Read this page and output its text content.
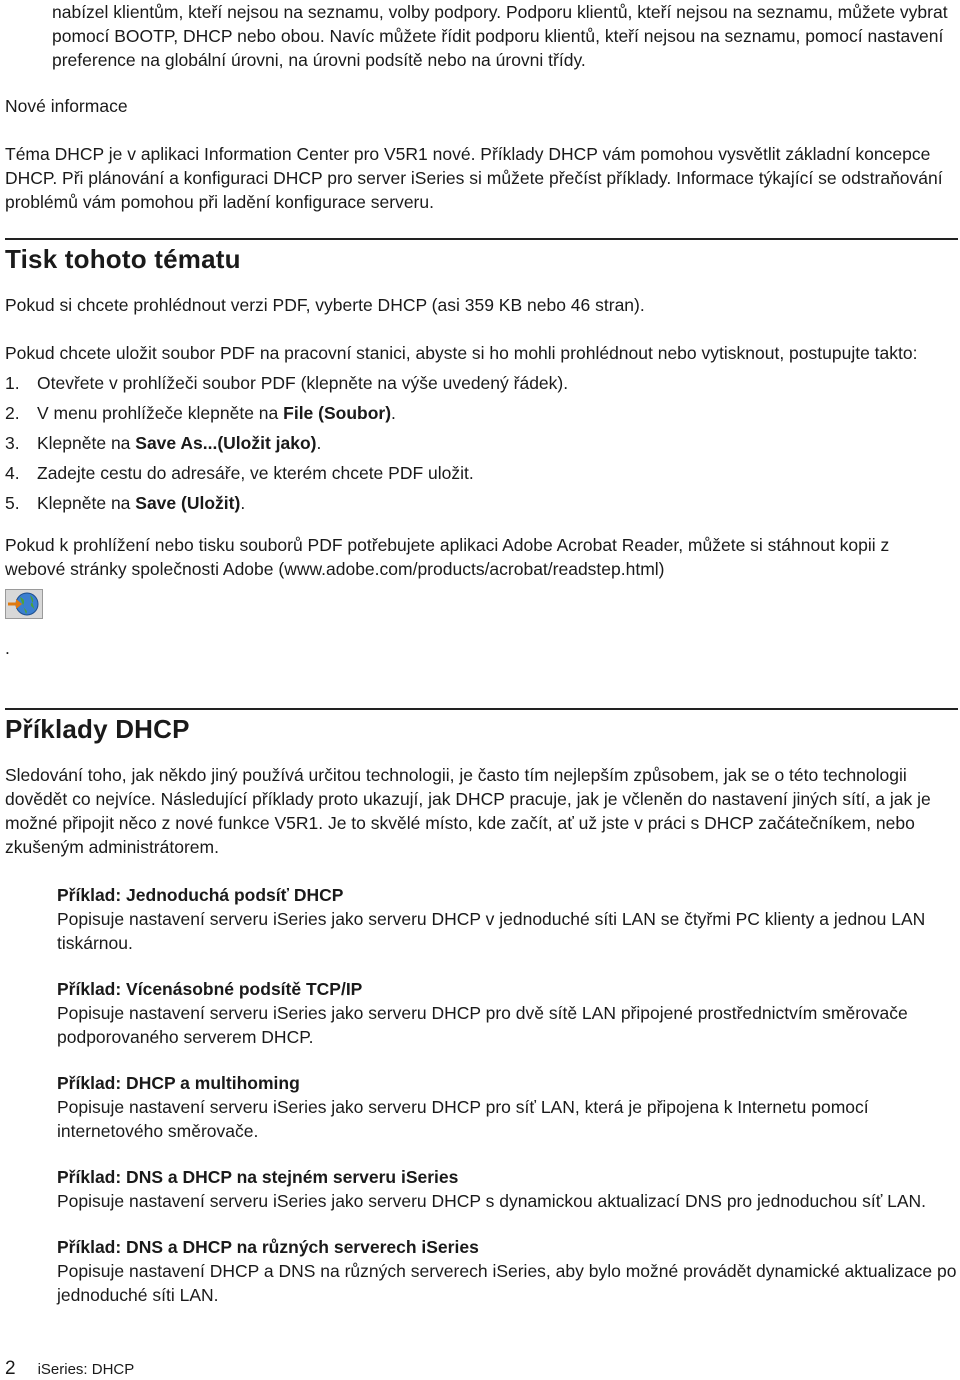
nabízel klientům, kteří nejsou na seznamu, volby podpory. Podporu klientů, kteří nejsou na seznamu, můžete vybrat pomocí BOOTP, DHCP nebo obou. Navíc můžete řídit podporu klientů, kteří nejsou na seznamu, pomocí nastavení preference na globální úrovni, na úrovni podsítě nebo na úrovni třídy.

Nové informace

Téma DHCP je v aplikaci Information Center pro V5R1 nové. Příklady DHCP vám pomohou vysvětlit základní koncepce DHCP. Při plánování a konfiguraci DHCP pro server iSeries si můžete přečíst příklady. Informace týkající se odstraňování problémů vám pomohou při ladění konfigurace serveru.

Tisk tohoto tématu

Pokud si chcete prohlédnout verzi PDF, vyberte DHCP (asi 359 KB nebo 46 stran).

Pokud chcete uložit soubor PDF na pracovní stanici, abyste si ho mohli prohlédnout nebo vytisknout, postupujte takto:

1. Otevřete v prohlížeči soubor PDF (klepněte na výše uvedený řádek).
2. V menu prohlížeče klepněte na File (Soubor).
3. Klepněte na Save As...(Uložit jako).
4. Zadejte cestu do adresáře, ve kterém chcete PDF uložit.
5. Klepněte na Save (Uložit).

Pokud k prohlížení nebo tisku souborů PDF potřebujete aplikaci Adobe Acrobat Reader, můžete si stáhnout kopii z webové stránky společnosti Adobe (www.adobe.com/products/acrobat/readstep.html)

.

Příklady DHCP

Sledování toho, jak někdo jiný používá určitou technologii, je často tím nejlepším způsobem, jak se o této technologii dovědět co nejvíce. Následující příklady proto ukazují, jak DHCP pracuje, jak je včleněn do nastavení jiných sítí, a jak je možné připojit něco z nové funkce V5R1. Je to skvělé místo, kde začít, ať už jste v práci s DHCP začátečníkem, nebo zkušeným administrátorem.

Příklad: Jednoduchá podsíť DHCP
Popisuje nastavení serveru iSeries jako serveru DHCP v jednoduché síti LAN se čtyřmi PC klienty a jednou LAN tiskárnou.
Příklad: Vícenásobné podsítě TCP/IP
Popisuje nastavení serveru iSeries jako serveru DHCP pro dvě sítě LAN připojené prostřednictvím směrovače podporovaného serverem DHCP.
Příklad: DHCP a multihoming
Popisuje nastavení serveru iSeries jako serveru DHCP pro síť LAN, která je připojena k Internetu pomocí internetového směrovače.
Příklad: DNS a DHCP na stejném serveru iSeries
Popisuje nastavení serveru iSeries jako serveru DHCP s dynamickou aktualizací DNS pro jednoduchou síť LAN.
Příklad: DNS a DHCP na různých serverech iSeries
Popisuje nastavení DHCP a DNS na různých serverech iSeries, aby bylo možné provádět dynamické aktualizace po jednoduché síti LAN.
2 iSeries: DHCP
